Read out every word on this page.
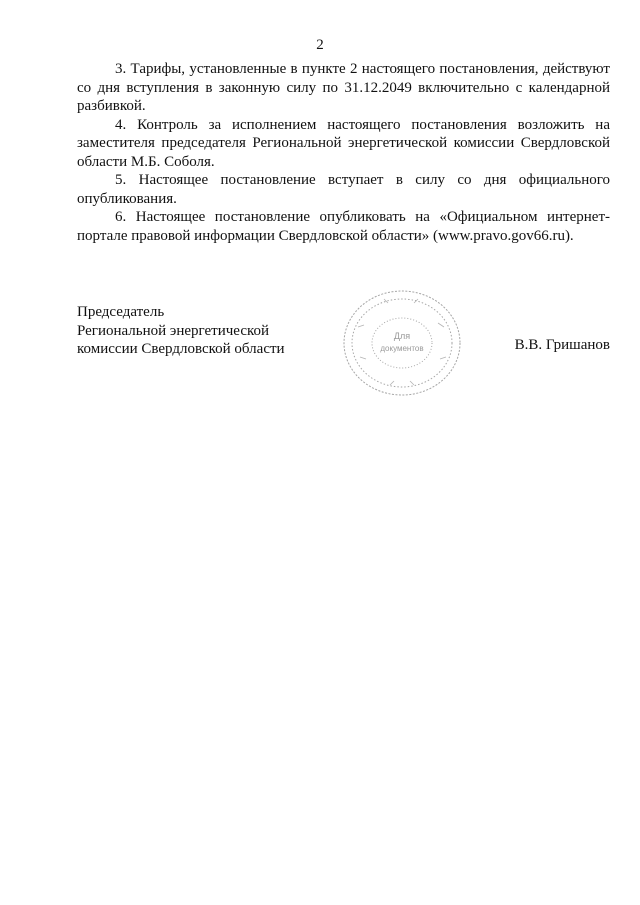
2

3. Тарифы, установленные в пункте 2 настоящего постановления, действуют со дня вступления в законную силу по 31.12.2049 включительно с календарной разбивкой.

4. Контроль за исполнением настоящего постановления возложить на заместителя председателя Региональной энергетической комиссии Свердловской области М.Б. Соболя.

5. Настоящее постановление вступает в силу со дня официального опубликования.

6. Настоящее постановление опубликовать на «Официальном интернет-портале правовой информации Свердловской области» (www.pravo.gov66.ru).

Председатель
Региональной энергетической
комиссии Свердловской области
Для
документов	В.В. Гришанов
